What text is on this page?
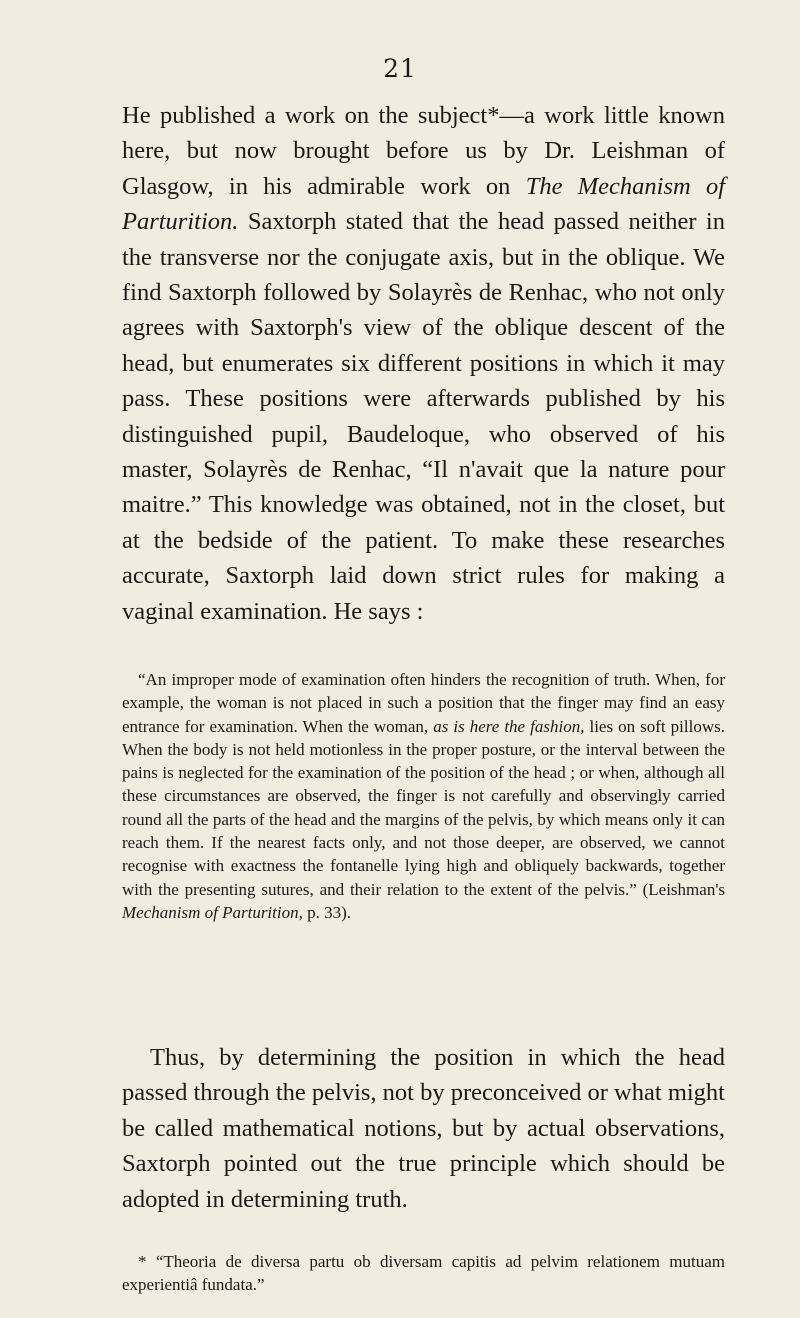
21

He published a work on the subject*—a work little known here, but now brought before us by Dr. Leishman of Glasgow, in his admirable work on The Mechanism of Parturition. Saxtorph stated that the head passed neither in the transverse nor the conjugate axis, but in the oblique. We find Saxtorph followed by Solayrès de Renhac, who not only agrees with Saxtorph's view of the oblique descent of the head, but enumerates six different positions in which it may pass. These positions were afterwards published by his distinguished pupil, Baudeloque, who observed of his master, Solayrès de Renhac, “Il n'avait que la nature pour maitre.” This knowledge was obtained, not in the closet, but at the bedside of the patient. To make these researches accurate, Saxtorph laid down strict rules for making a vaginal examination. He says :

“An improper mode of examination often hinders the recognition of truth. When, for example, the woman is not placed in such a position that the finger may find an easy entrance for examination. When the woman, as is here the fashion, lies on soft pillows. When the body is not held motionless in the proper posture, or the interval between the pains is neglected for the examination of the position of the head ; or when, although all these circumstances are observed, the finger is not carefully and observingly carried round all the parts of the head and the margins of the pelvis, by which means only it can reach them. If the nearest facts only, and not those deeper, are observed, we cannot recognise with exactness the fontanelle lying high and obliquely backwards, together with the presenting sutures, and their relation to the extent of the pelvis.” (Leishman's Mechanism of Parturition, p. 33).

Thus, by determining the position in which the head passed through the pelvis, not by preconceived or what might be called mathematical notions, but by actual observations, Saxtorph pointed out the true principle which should be adopted in determining truth.

* “Theoria de diversa partu ob diversam capitis ad pelvim relationem mutuam experientiâ fundata.”
